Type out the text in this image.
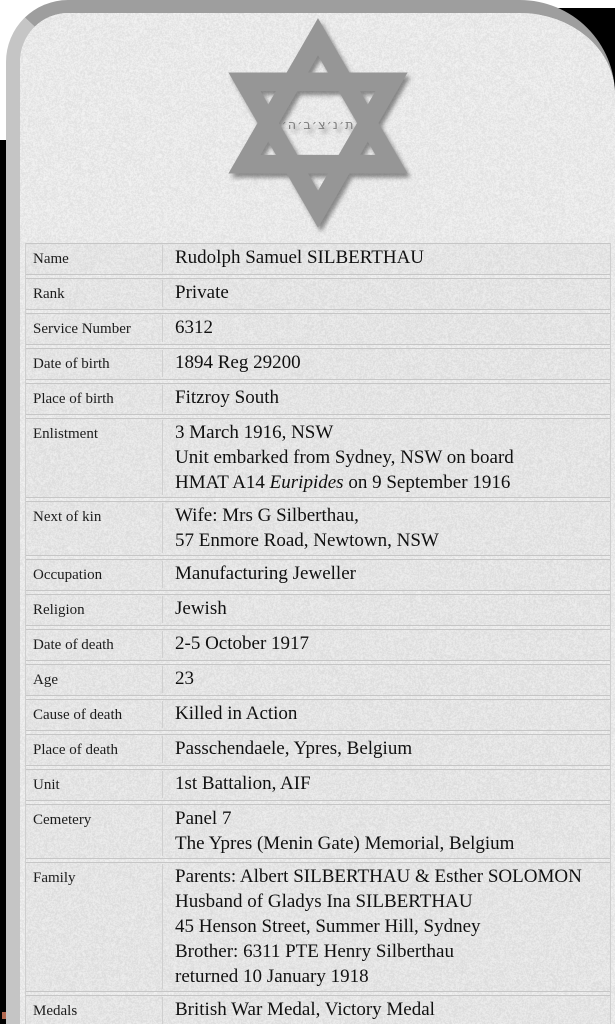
ת׳נ׳צ׳ב׳ה׳
Name	Rudolph Samuel SILBERTHAU
Rank	Private
Service Number	6312
Date of birth	1894 Reg 29200
Place of birth	Fitzroy South
Enlistment	3 March 1916, NSW
Unit embarked from Sydney, NSW on board
HMAT A14 Euripides on 9 September 1916
Next of kin	Wife: Mrs G Silberthau,
57 Enmore Road, Newtown, NSW
Occupation	Manufacturing Jeweller
Religion	Jewish
Date of death	2-5 October 1917
Age	23
Cause of death	Killed in Action
Place of death	Passchendaele, Ypres, Belgium
Unit	1st Battalion, AIF
Cemetery	Panel 7
The Ypres (Menin Gate) Memorial, Belgium
Family	Parents: Albert SILBERTHAU & Esther SOLOMON
Husband of Gladys Ina SILBERTHAU
45 Henson Street, Summer Hill, Sydney
Brother: 6311 PTE Henry Silberthau
returned 10 January 1918
Medals	British War Medal, Victory Medal
